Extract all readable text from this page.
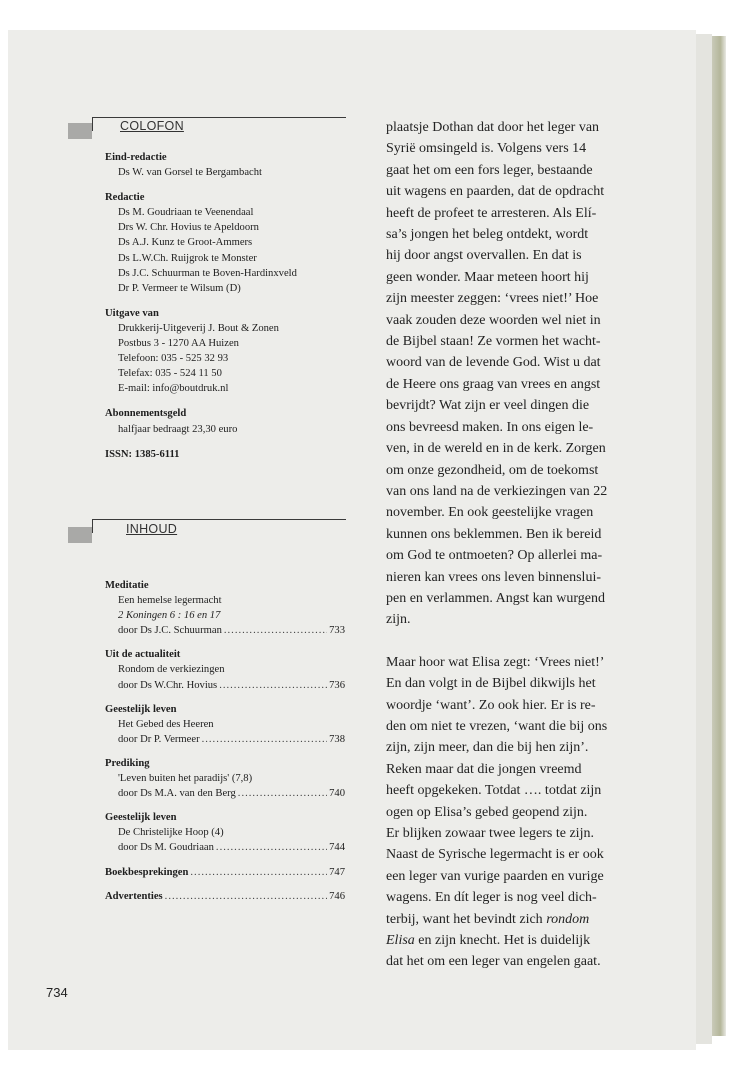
COLOFON
Eind-redactie
Ds W. van Gorsel te Bergambacht
Redactie
Ds M. Goudriaan te Veenendaal
Drs W. Chr. Hovius te Apeldoorn
Ds A.J. Kunz te Groot-Ammers
Ds L.W.Ch. Ruijgrok te Monster
Ds J.C. Schuurman te Boven-Hardinxveld
Dr P. Vermeer te Wilsum (D)
Uitgave van
Drukkerij-Uitgeverij J. Bout & Zonen
Postbus 3 - 1270 AA Huizen
Telefoon: 035 - 525 32 93
Telefax: 035 - 524 11 50
E-mail: info@boutdruk.nl
Abonnementsgeld
halfjaar bedraagt 23,30 euro
ISSN: 1385-6111
INHOUD
Meditatie
Een hemelse legermacht
2 Koningen 6 : 16 en 17
door Ds J.C. Schuurman .....	733
Uit de actualiteit
Rondom de verkiezingen
door Ds W.Chr. Hovius .....	736
Geestelijk leven
Het Gebed des Heeren
door Dr P. Vermeer .....	738
Prediking
'Leven buiten het paradijs' (7,8)
door Ds M.A. van den Berg .....	740
Geestelijk leven
De Christelijke Hoop (4)
door Ds M. Goudriaan .....	744
Boekbesprekingen .....	747
Advertenties .....	746
plaatsje Dothan dat door het leger van
Syrië omsingeld is. Volgens vers 14
gaat het om een fors leger, bestaande
uit wagens en paarden, dat de opdracht
heeft de profeet te arresteren. Als Elí-
sa’s jongen het beleg ontdekt, wordt
hij door angst overvallen. En dat is
geen wonder. Maar meteen hoort hij
zijn meester zeggen: ‘vrees niet!’ Hoe
vaak zouden deze woorden wel niet in
de Bijbel staan! Ze vormen het wacht-
woord van de levende God. Wist u dat
de Heere ons graag van vrees en angst
bevrijdt? Wat zijn er veel dingen die
ons bevreesd maken. In ons eigen le-
ven, in de wereld en in de kerk. Zorgen
om onze gezondheid, om de toekomst
van ons land na de verkiezingen van 22
november. En ook geestelijke vragen
kunnen ons beklemmen. Ben ik bereid
om God te ontmoeten? Op allerlei ma-
nieren kan vrees ons leven binnenslui-
pen en verlammen. Angst kan wurgend
zijn.
Maar hoor wat Elisa zegt: ‘Vrees niet!’
En dan volgt in de Bijbel dikwijls het
woordje ‘want’. Zo ook hier. Er is re-
den om niet te vrezen, ‘want die bij ons
zijn, zijn meer, dan die bij hen zijn’.
Reken maar dat die jongen vreemd
heeft opgekeken. Totdat …. totdat zijn
ogen op Elisa’s gebed geopend zijn.
Er blijken zowaar twee legers te zijn.
Naast de Syrische legermacht is er ook
een leger van vurige paarden en vurige
wagens. En dít leger is nog veel dich-
terbij, want het bevindt zich rondom
Elisa en zijn knecht. Het is duidelijk
dat het om een leger van engelen gaat.
734
